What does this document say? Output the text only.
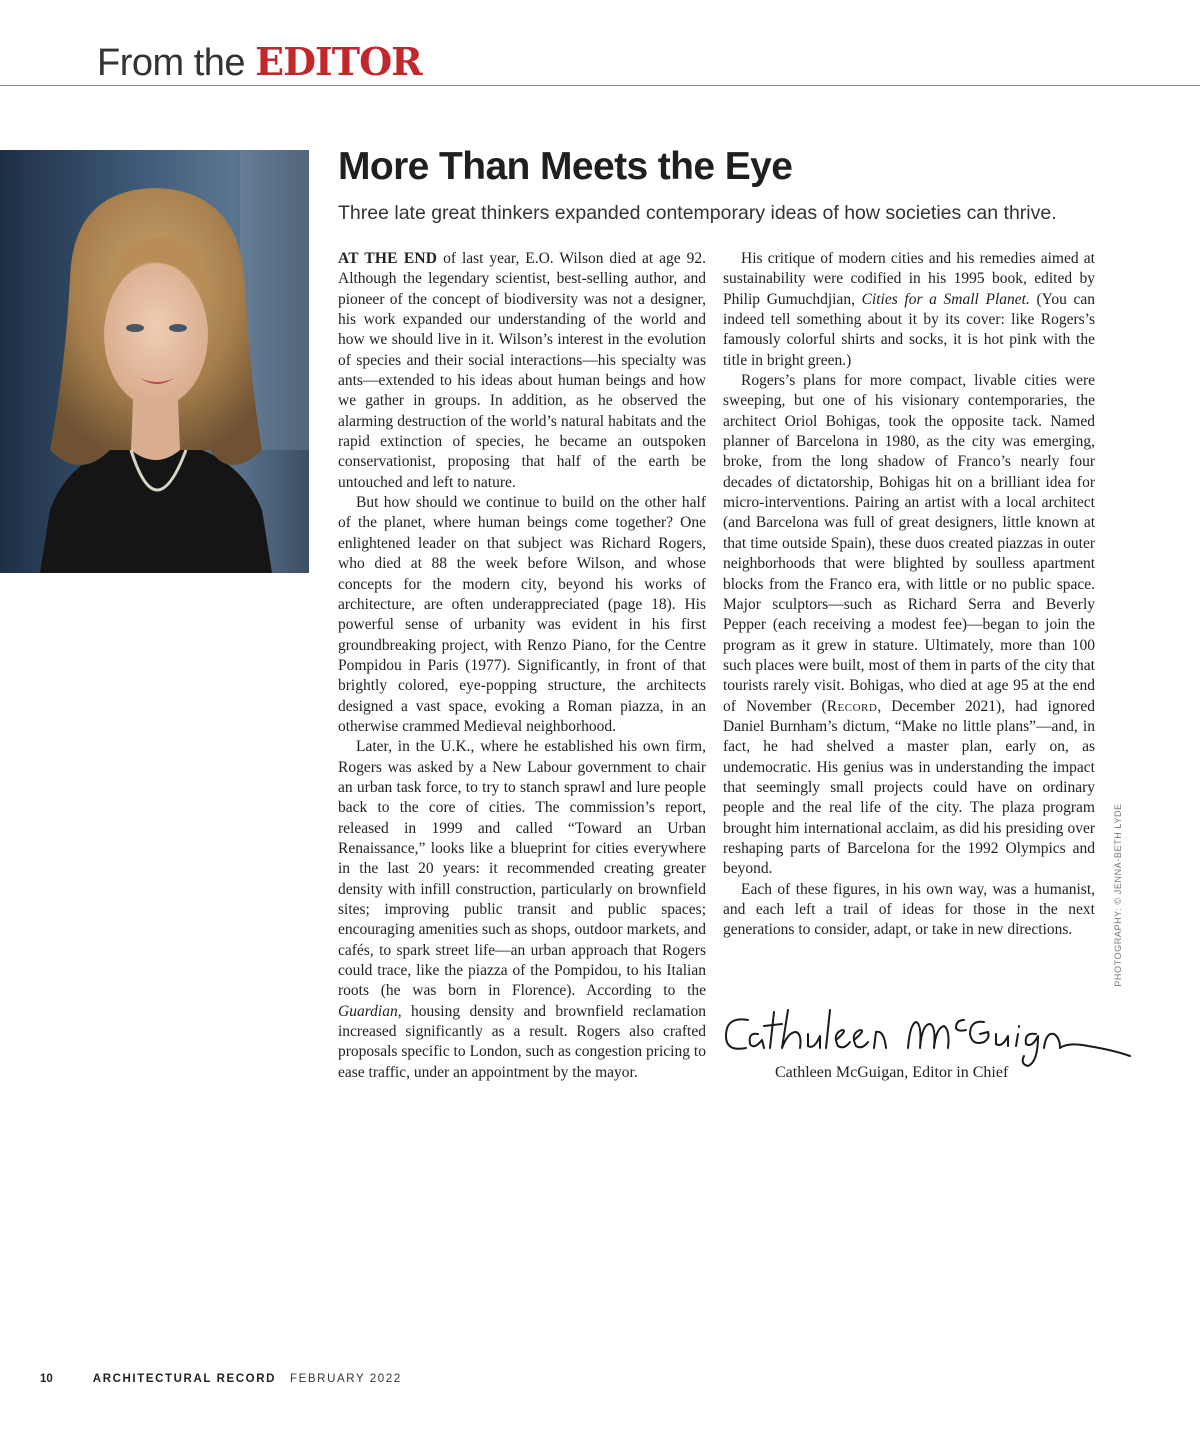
From the EDITOR
More Than Meets the Eye

Three late great thinkers expanded contemporary ideas of how societies can thrive.

AT THE END of last year, E.O. Wilson died at age 92. Although the legendary scientist, best-selling author, and pioneer of the concept of biodiversity was not a designer, his work expanded our understanding of the world and how we should live in it. Wilson’s interest in the evolution of species and their social interactions—his specialty was ants—extended to his ideas about human beings and how we gather in groups. In addition, as he observed the alarming destruction of the world’s natural habitats and the rapid extinction of species, he became an outspoken conservationist, proposing that half of the earth be untouched and left to nature.

But how should we continue to build on the other half of the planet, where human beings come together? One enlightened leader on that subject was Richard Rogers, who died at 88 the week before Wilson, and whose concepts for the modern city, beyond his works of architecture, are often underappreciated (page 18). His powerful sense of urbanity was evident in his first groundbreaking project, with Renzo Piano, for the Centre Pompidou in Paris (1977). Significantly, in front of that brightly colored, eye-popping structure, the architects designed a vast space, evoking a Roman piazza, in an otherwise crammed Medieval neighborhood.

Later, in the U.K., where he established his own firm, Rogers was asked by a New Labour government to chair an urban task force, to try to stanch sprawl and lure people back to the core of cities. The commission’s report, released in 1999 and called “Toward an Urban Renaissance,” looks like a blueprint for cities everywhere in the last 20 years: it recommended creating greater density with infill construction, particularly on brownfield sites; improving public transit and public spaces; encouraging amenities such as shops, outdoor markets, and cafés, to spark street life—an urban approach that Rogers could trace, like the piazza of the Pompidou, to his Italian roots (he was born in Florence). According to the Guardian, housing density and brownfield reclamation increased significantly as a result. Rogers also crafted proposals specific to London, such as congestion pricing to ease traffic, under an appointment by the mayor.

His critique of modern cities and his remedies aimed at sustainability were codified in his 1995 book, edited by Philip Gumuchdjian, Cities for a Small Planet. (You can indeed tell something about it by its cover: like Rogers’s famously colorful shirts and socks, it is hot pink with the title in bright green.)

Rogers’s plans for more compact, livable cities were sweeping, but one of his visionary contemporaries, the architect Oriol Bohigas, took the opposite tack. Named planner of Barcelona in 1980, as the city was emerging, broke, from the long shadow of Franco’s nearly four decades of dictatorship, Bohigas hit on a brilliant idea for micro-interventions. Pairing an artist with a local architect (and Barcelona was full of great designers, little known at that time outside Spain), these duos created piazzas in outer neighborhoods that were blighted by soulless apartment blocks from the Franco era, with little or no public space. Major sculptors—such as Richard Serra and Beverly Pepper (each receiving a modest fee)—began to join the program as it grew in stature. Ultimately, more than 100 such places were built, most of them in parts of the city that tourists rarely visit. Bohigas, who died at age 95 at the end of November (Record, December 2021), had ignored Daniel Burnham’s dictum, “Make no little plans”—and, in fact, he had shelved a master plan, early on, as undemocratic. His genius was in understanding the impact that seemingly small projects could have on ordinary people and the real life of the city. The plaza program brought him international acclaim, as did his presiding over reshaping parts of Barcelona for the 1992 Olympics and beyond.

Each of these figures, in his own way, was a humanist, and each left a trail of ideas for those in the next generations to consider, adapt, or take in new directions.

Cathleen McGuigan, Editor in Chief
PHOTOGRAPHY: © JENNA-BETH LYDE
10	ARCHITECTURAL RECORD FEBRUARY 2022
